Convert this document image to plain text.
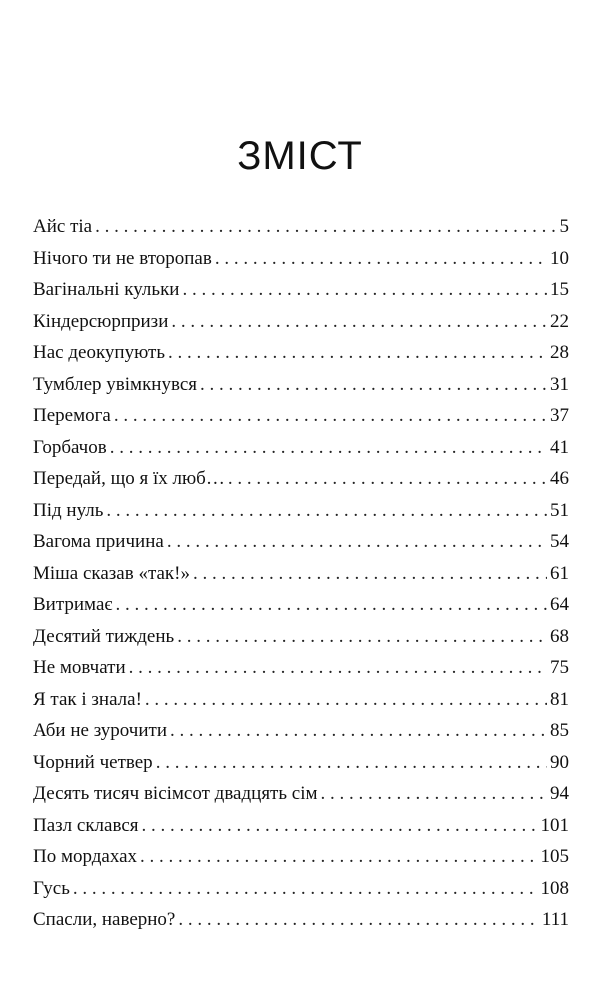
ЗМІСТ
Айс тіа . . .	5
Нічого ти не второпав . . .	10
Вагінальні кульки . . .	15
Кіндерсюрпризи . . .	22
Нас деокупують . . .	28
Тумблер увімкнувся . . .	31
Перемога . . .	37
Горбачов . . .	41
Передай, що я їх люб… . . .	46
Під нуль . . .	51
Вагома причина . . .	54
Міша сказав «так!» . . .	61
Витримає . . .	64
Десятий тиждень . . .	68
Не мовчати . . .	75
Я так і знала! . . .	81
Аби не зурочити . . .	85
Чорний четвер . . .	90
Десять тисяч вісімсот двадцять сім . . .	94
Пазл склався . . .	101
По мордахах . . .	105
Гусь . . .	108
Спасли, наверно? . . .	111
